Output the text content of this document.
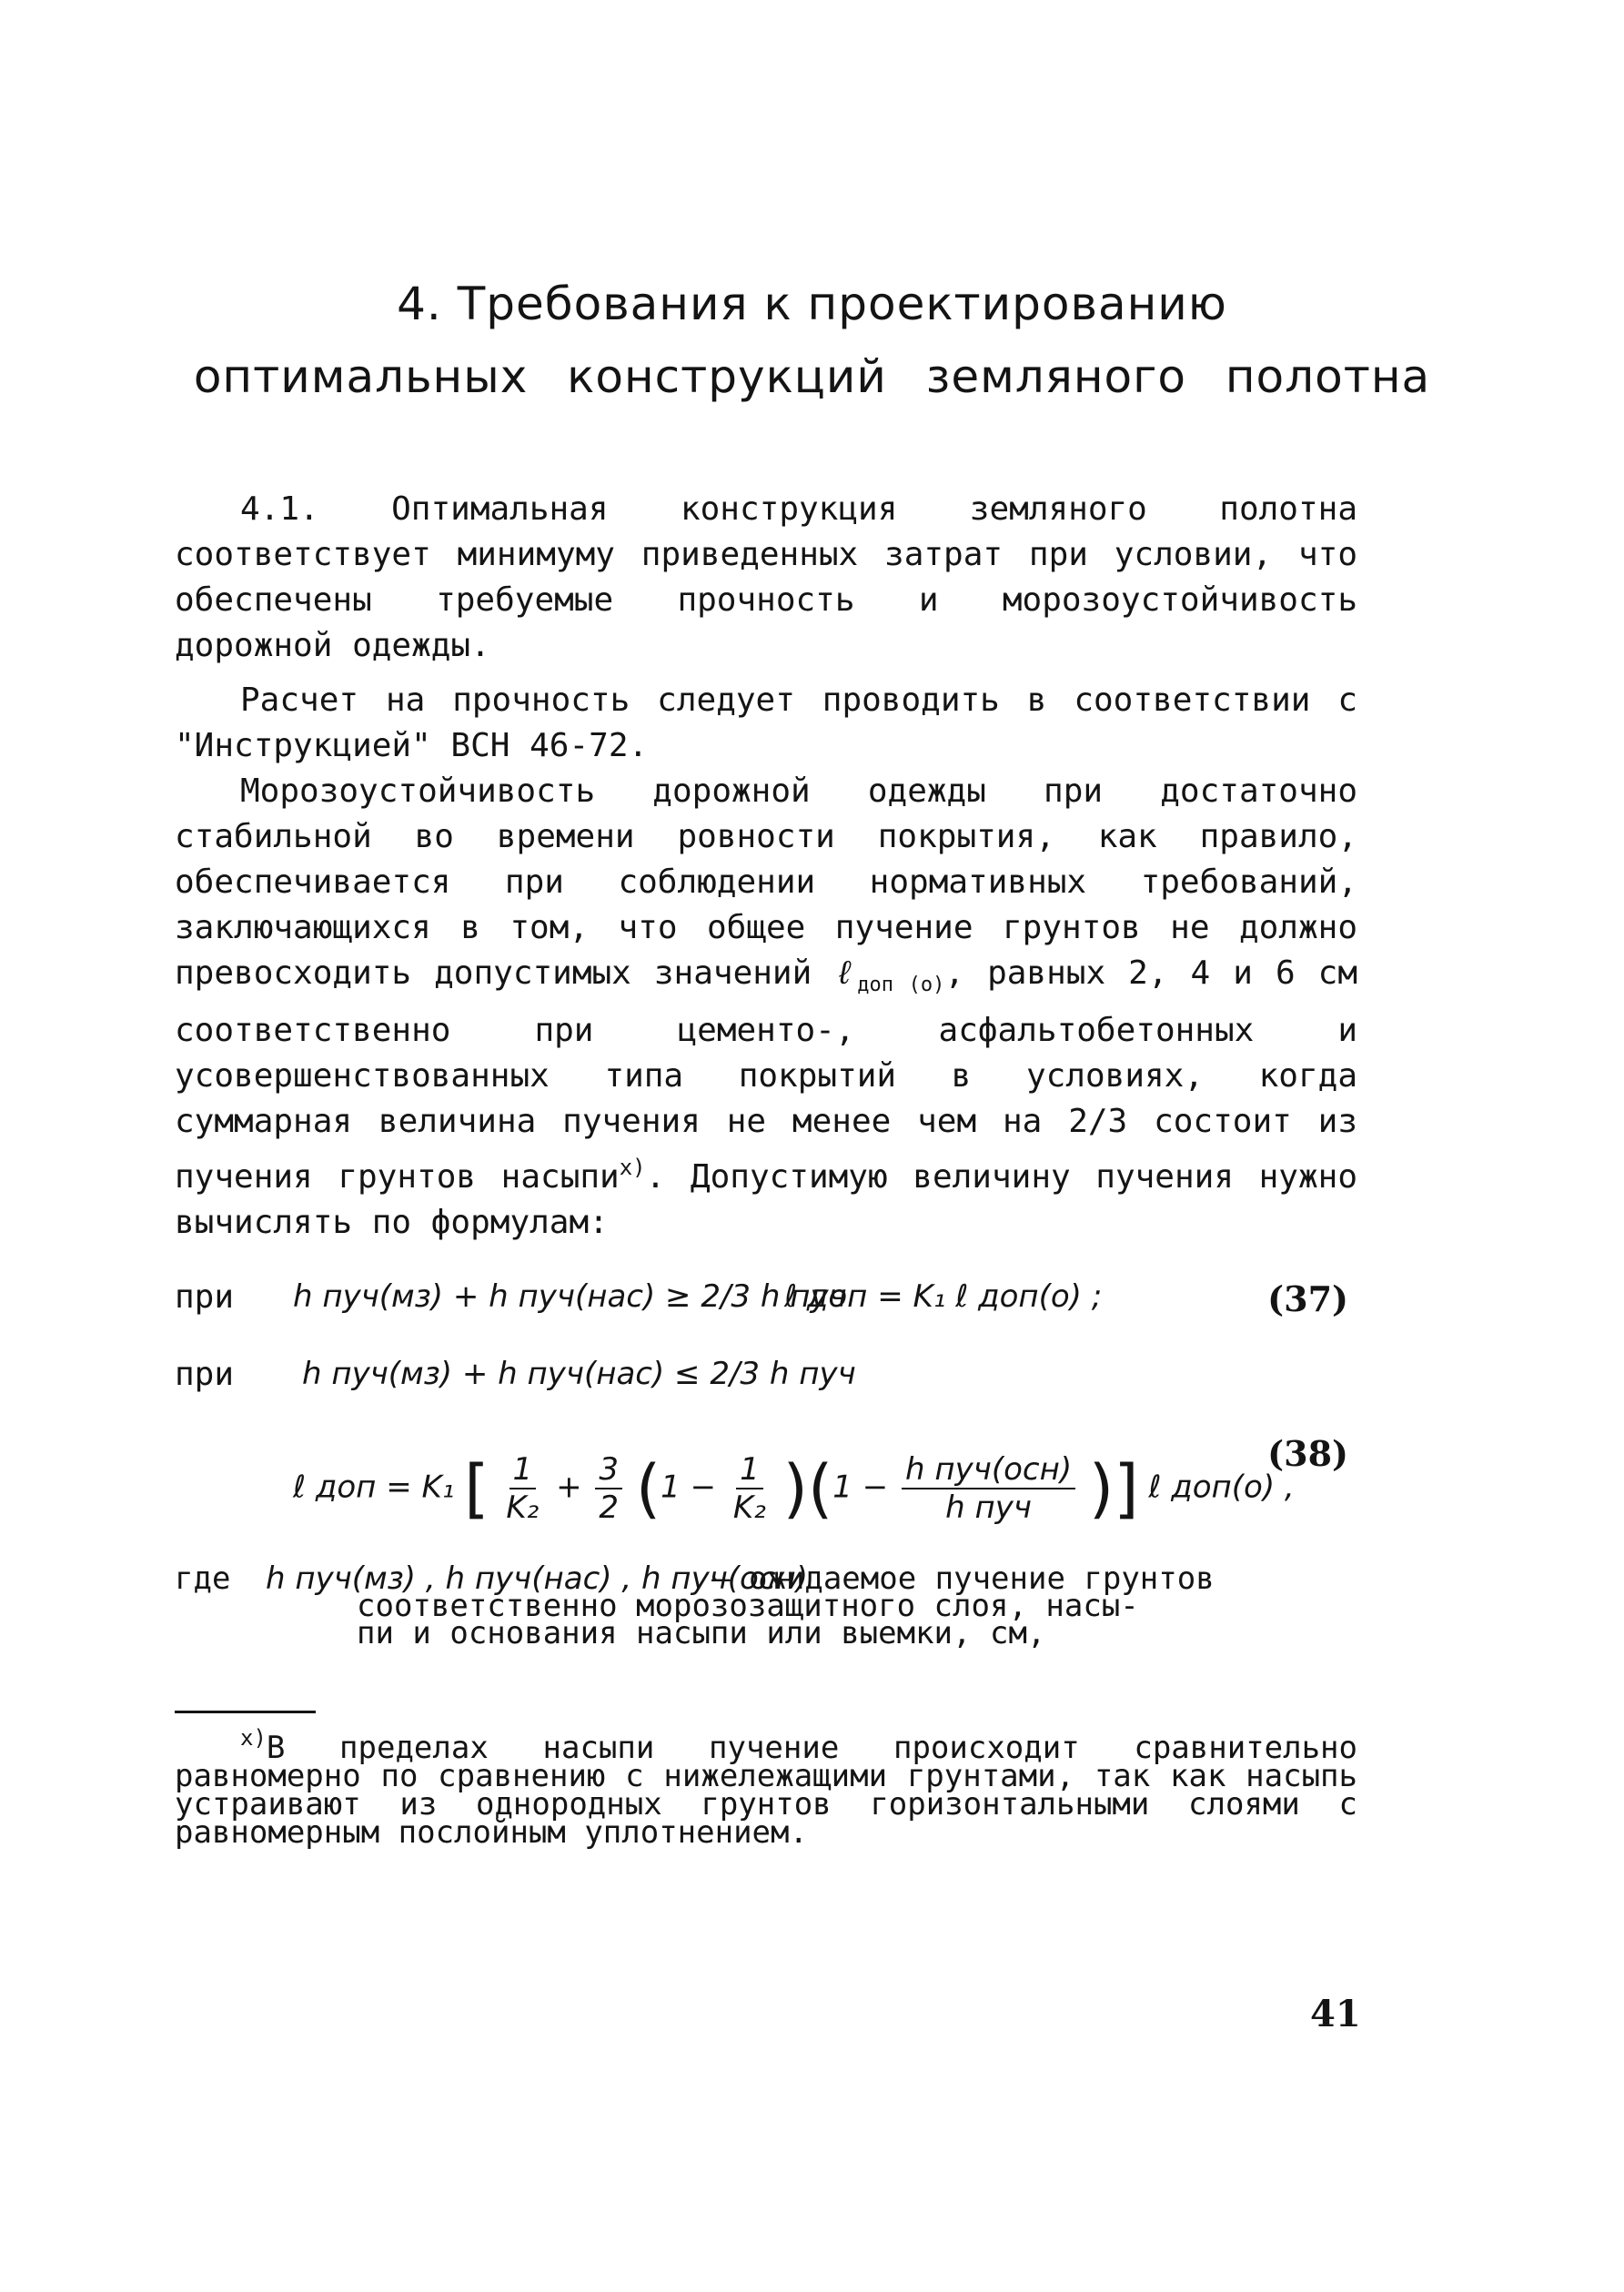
4. Требования к проектированию
оптимальных конструкций земляного полотна

4.1. Оптимальная конструкция земляного полотна соответствует минимуму приведенных затрат при условии, что обеспечены требуемые прочность и морозоустойчивость дорожной одежды.

Расчет на прочность следует проводить в соответствии с "Инструкцией" ВСН 46-72.

Морозоустойчивость дорожной одежды при достаточно стабильной во времени ровности покрытия, как правило, обеспечивается при соблюдении нормативных требований, заключающихся в том, что общее пучение грунтов не должно превосходить допустимых значений ℓ$_{доп (о)}$, равных 2, 4 и 6 см соответственно при цементо-, асфальтобетонных и усовершенствованных типа покрытий в условиях, когда суммарная величина пучения не менее чем на 2/3 состоит из пучения грунтов насыпи$^{x)}$. Допустимую величину пучения нужно вычислять по формулам:

при h пуч(мз) + h пуч(нас) ≥ 2/3 h пуч
ℓ доп = K₁ ℓ доп(о) ;	(37)
при h пуч(мз) + h пуч(нас) ≤ 2/3 h пуч
ℓ доп = K₁ [ $\frac{1}{\text{K₂}} + \frac{3}{2} (1 - \frac{1}{\text{K₂}} )(1 - \frac{\text{h пуч(осн)}}{\text{h пуч}}$ )] ℓ доп(о) ,
(38)
где h пуч(мз) , h пуч(нас) , h пуч(осн)
– ожидаемое пучение грунтов
соответственно морозозащитного слоя, насы-
пи и основания насыпи или выемки, см,

$^{x)}$В пределах насыпи пучение происходит сравнительно равномерно по сравнению с нижележащими грунтами, так как насыпь устраивают из однородных грунтов горизонтальными слоями с равномерным послойным уплотнением.

41
